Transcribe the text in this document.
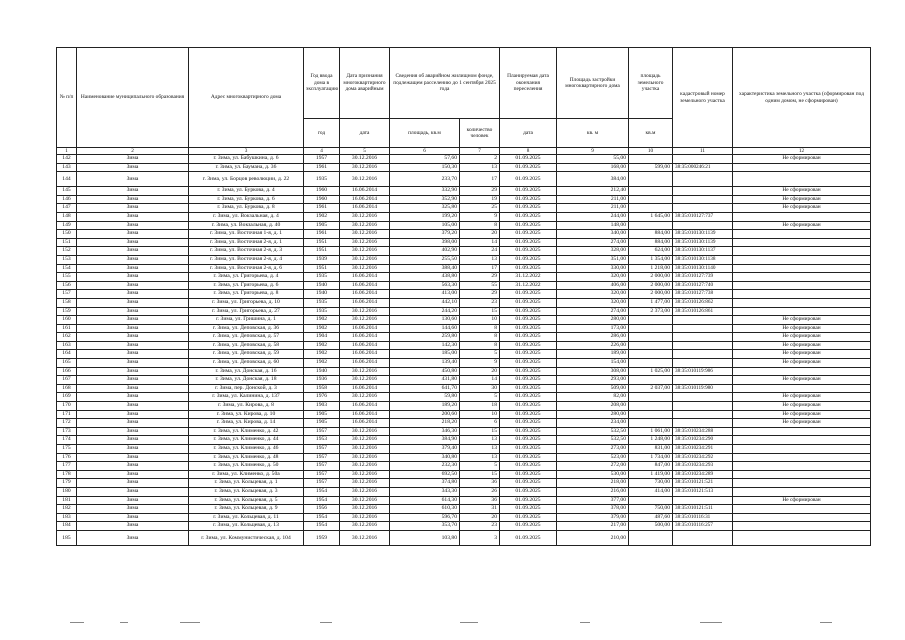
№ п/п	Наименование муниципального образования	Адрес многоквартирного дома	Год ввода дома в эксплуатацию	Дата признания многоквартирного дома аварийным	Сведения об аварийном жилищном фонде, подлежащем расселению до 1 сентября 2025 года		Планируемая дата окончания переселения	Площадь застройки многоквартирного дома	площадь земельного участка	кадастровый номер земельного участка	характеристика земельного участка (сформирован под одним домом, не сформирован)
			год	дата	площадь, кв.м	количество человек	дата	кв. м	кв.м		
1	2	3	4	5	6	7	8	9	10	11	12
142	Зима	г. Зима, ул. Бабушкина, д. 6	1957	30.12.2016	57,60	2	01.09.2025	55,00			Не сформирован
143	Зима	г. Зима, ул. Баумана, д. 36	1961	30.12.2016	150,30	13	01.09.2025	168,00	599,00	38:35:000246:21	
144	Зима	г. Зима, ул. Борцов революции, д. 22	1935	30.12.2016	233,70	17	01.09.2025	384,00			
145	Зима	г. Зима, ул. Буркова, д. 4	1960	16.06.2014	332,90	29	01.09.2025	212,40			Не сформирован
146	Зима	г. Зима, ул. Буркова, д. 6	1960	16.06.2014	352,90	19	01.09.2025	211,00			Не сформирован
147	Зима	г. Зима, ул. Буркова, д. 8	1961	16.06.2014	325,80	25	01.09.2025	211,00			Не сформирован
148	Зима	г. Зима, ул. Вокзальная, д. 4	1902	30.12.2016	199,20	9	01.09.2025	244,00	1 645,00	38:35:010127:737	
149	Зима	г. Зима, ул. Вокзальная, д. 40	1905	30.12.2016	105,00	8	01.09.2025	148,00			Не сформирован
150	Зима	г. Зима, ул. Восточная 1-я, д. 1	1961	30.12.2016	379,20	20	01.09.2025	340,00	884,00	38:35:010130:1139	
151	Зима	г. Зима, ул. Восточная 2-я, д. 1	1951	30.12.2016	398,00	14	01.09.2025	274,00	884,00	38:35:010130:1139	
152	Зима	г. Зима, ул. Восточная 2-я, д. 3	1951	30.12.2016	402,90	24	01.09.2025	328,00	624,00	38:35:010130:1137	
153	Зима	г. Зима, ул. Восточная 2-я, д. 4	1939	30.12.2016	255,50	13	01.09.2025	351,00	1 354,00	38:35:010130:1138	
154	Зима	г. Зима, ул. Восточная 2-я, д. 6	1951	30.12.2016	388,40	17	01.09.2025	330,00	1 218,00	38:35:010130:1140	
155	Зима	г. Зима, ул. Григорьева, д. 4	1935	16.06.2014	438,80	29	31.12.2022	320,00	2 000,00	38:35:010127:739	
156	Зима	г. Зима, ул. Григорьева, д. 6	1940	16.06.2014	563,30	55	31.12.2022	406,00	2 000,00	38:35:010127:740	
157	Зима	г. Зима, ул. Григорьева, д. 8	1940	16.06.2014	413,00	29	01.09.2025	320,00	2 000,00	38:35:010127:738	
158	Зима	г. Зима, ул. Григорьева, д. 10	1935	16.06.2014	442,10	23	01.09.2025	320,00	1 477,00	38:35:010126:862	
159	Зима	г. Зима, ул. Григорьева, д. 27	1935	30.12.2016	244,20	15	01.09.2025	274,00	2 373,00	38:35:010126:861	
160	Зима	г. Зима, ул. Гришина, д. 1	1902	30.12.2016	130,60	10	01.09.2025	280,00			Не сформирован
161	Зима	г. Зима, ул. Деповская, д. 36	1902	16.06.2014	144,60	8	01.09.2025	173,00			Не сформирован
162	Зима	г. Зима, ул. Деповская, д. 57	1904	16.06.2014	259,80	8	01.09.2025	286,00			Не сформирован
163	Зима	г. Зима, ул. Деповская, д. 58	1902	16.06.2014	142,30	8	01.09.2025	226,00			Не сформирован
164	Зима	г. Зима, ул. Деповская, д. 59	1902	16.06.2014	185,00	5	01.09.2025	189,00			Не сформирован
165	Зима	г. Зима, ул. Деповская, д. 60	1902	16.06.2014	139,40	9	01.09.2025	154,00			Не сформирован
166	Зима	г. Зима, ул. Донская, д. 16	1940	30.12.2016	450,80	20	01.09.2025	308,00	1 025,00	38:35:010119:986	
167	Зима	г. Зима, ул. Донская, д. 18	1936	30.12.2016	431,80	14	01.09.2025	293,00			Не сформирован
168	Зима	г. Зима, пер. Донской, д. 3	1958	16.06.2014	641,70	30	01.09.2025	509,00	2 037,00	38:35:010119:980	
169	Зима	г. Зима, ул. Калинина, д. 137	1976	30.12.2016	59,80	5	01.09.2025	82,00			Не сформирован
170	Зима	г. Зима, ул. Кирова, д. 8	1903	16.06.2014	189,20	18	01.09.2025	208,00			Не сформирован
171	Зима	г. Зима, ул. Кирова, д. 10	1905	16.06.2014	200,60	10	01.09.2025	280,00			Не сформирован
172	Зима	г. Зима, ул. Кирова, д. 14	1905	16.06.2014	218,20	6	01.09.2025	234,00			Не сформирован
173	Зима	г. Зима, ул. Клименко, д. 42	1957	30.12.2016	346,30	15	01.09.2025	532,50	1 061,00	38:35:010234:288	
174	Зима	г. Зима, ул. Клименко, д. 44	1953	30.12.2016	384,90	13	01.09.2025	532,50	1 248,00	38:35:010234:290	
175	Зима	г. Зима, ул. Клименко, д. 46	1957	30.12.2016	379,40	13	01.09.2025	273,00	831,00	38:35:010234:291	
176	Зима	г. Зима, ул. Клименко, д. 48	1957	30.12.2016	340,80	13	01.09.2025	523,00	1 734,00	38:35:010234:292	
177	Зима	г. Зима, ул. Клименко, д. 50	1957	30.12.2016	232,30	5	01.09.2025	272,00	847,00	38:35:010234:293	
178	Зима	г. Зима, ул. Клименко, д. 50а	1957	30.12.2016	692,50	15	01.09.2025	530,00	1 419,00	38:35:010234:289	
179	Зима	г. Зима, ул. Кольцевая, д. 1	1957	30.12.2016	374,80	36	01.09.2025	218,00	730,00	38:35:010121:521	
180	Зима	г. Зима, ул. Кольцевая, д. 3	1954	30.12.2016	343,30	26	01.09.2025	216,00	414,00	38:35:010121:513	
181	Зима	г. Зима, ул. Кольцевая, д. 5	1954	30.12.2016	614,30	36	01.09.2025	377,00			Не сформирован
182	Зима	г. Зима, ул. Кольцевая, д. 9	1956	30.12.2016	610,30	31	01.09.2025	378,00	750,00	38:35:010121:511	
183	Зима	г. Зима, ул. Кольцевая, д. 11	1954	30.12.2016	596,70	20	01.09.2025	379,00	487,60	38:35:010116:31	
184	Зима	г. Зима, ул. Кольцевая, д. 13	1954	30.12.2016	353,70	23	01.09.2025	217,00	500,00	38:35:010116:257	
185	Зима	г. Зима, ул. Коммунистическая, д. 104	1959	30.12.2016	103,80	3	01.09.2025	210,00			
